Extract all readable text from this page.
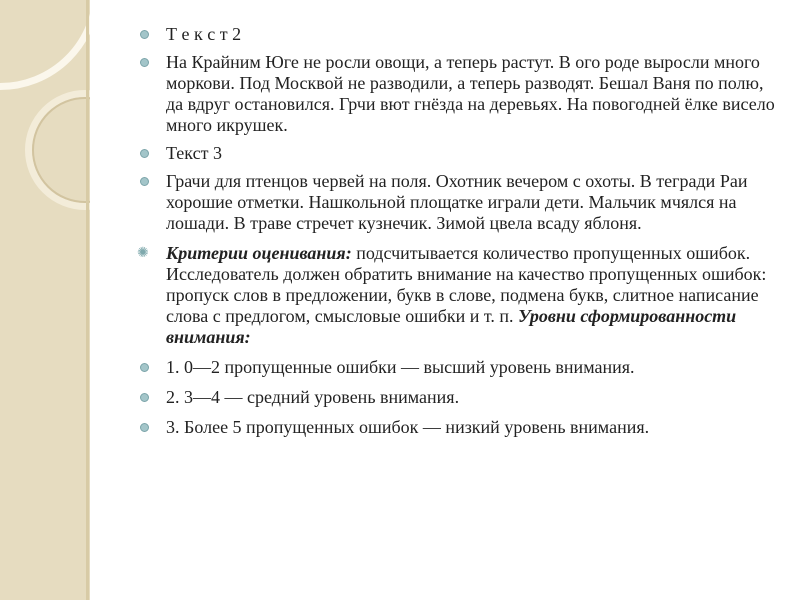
Т е к с т 2
На Крайним Юге не росли овощи, а теперь растут. В ого роде выросли много моркови. Под Москвой не разводили, а теперь разводят. Бешал Ваня по полю, да вдруг остановился. Грчи вют гнёзда на деревьях. На повогодней ёлке висело много икрушек.
Текст 3
Грачи для птенцов червей на поля. Охотник вечером с охоты. В тегради Раи хорошие отметки. Нашкольной площатке играли дети. Мальчик мчялся на лошади. В траве стречет кузнечик. Зимой цвела всаду яблоня.
✺ Критерии оценивания: подсчитывается количество пропущенных ошибок. Исследователь должен обратить внимание на качество пропущенных ошибок: пропуск слов в предложении, букв в слове, подмена букв, слитное написание слова с предлогом, смысловые ошибки и т. п. Уровни сформированности внимания:
1. 0—2 пропущенные ошибки — высший уровень внимания.
2. 3—4 — средний уровень внимания.
3. Более 5 пропущенных ошибок — низкий уровень внимания.
